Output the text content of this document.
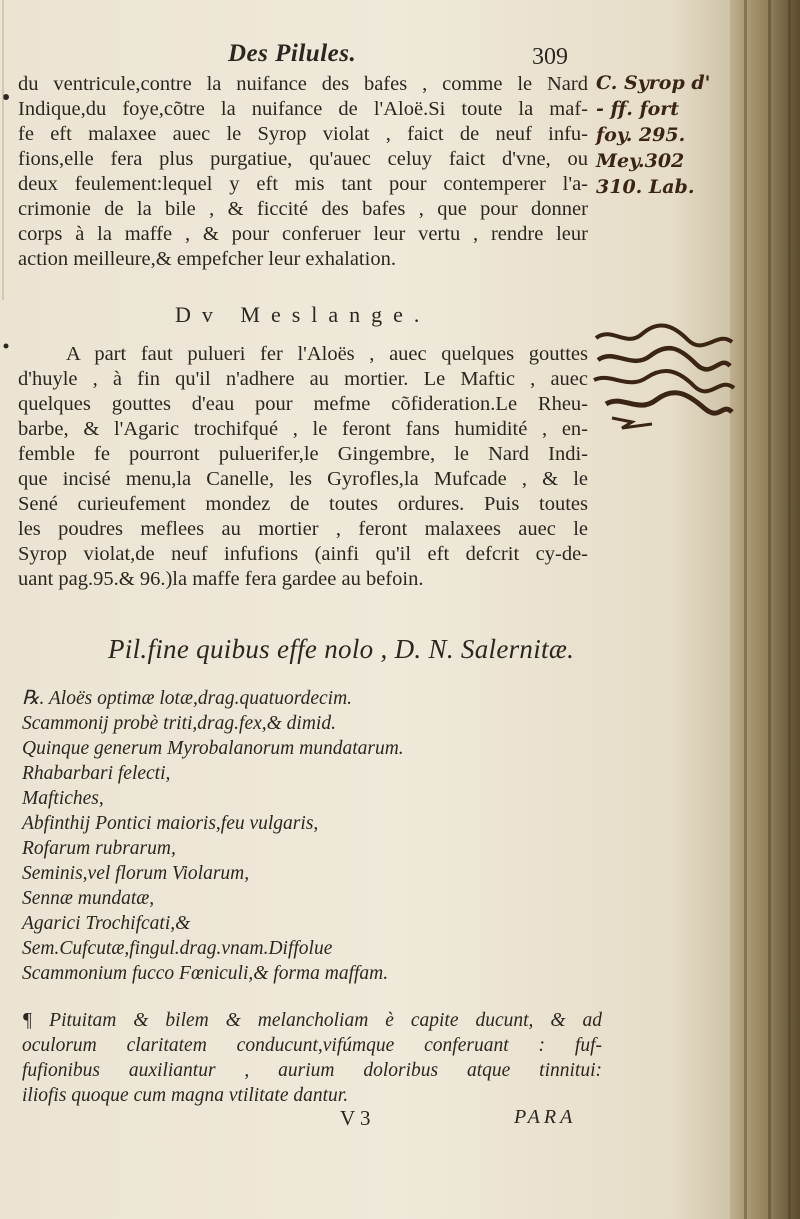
Des Pilules.	309
du ventricule,contre la nuifance des bafes , comme le Nard
Indique,du foye,cõtre la nuifance de l'Aloë.Si toute la maf-
fe eft malaxee auec le Syrop violat , faict de neuf infu-
fions,elle fera plus purgatiue, qu'auec celuy faict d'vne, ou
deux feulement:lequel y eft mis tant pour contemperer l'a-
crimonie de la bile , & ficcité des bafes , que pour donner
corps à la maffe , & pour conferuer leur vertu , rendre leur
action meilleure,& empefcher leur exhalation.
Dv Meslange.
A part faut pulueri fer l'Aloës , auec quelques gouttes
d'huyle , à fin qu'il n'adhere au mortier. Le Maftic , auec
quelques gouttes d'eau pour mefme cõfideration.Le Rheu-
barbe, & l'Agaric trochifqué , le feront fans humidité , en-
femble fe pourront puluerifer,le Gingembre, le Nard Indi-
que incisé menu,la Canelle, les Gyrofles,la Mufcade , & le
Sené curieufement mondez de toutes ordures. Puis toutes
les poudres meflees au mortier , feront malaxees auec le
Syrop violat,de neuf infufions (ainfi qu'il eft defcrit cy-de-
uant pag.95.& 96.)la maffe fera gardee au befoin.
Pil.fine quibus effe nolo , D. N. Salernitæ.
℞. Aloës optimæ lotæ,drag.quatuordecim.
Scammonij probè triti,drag.fex,& dimid.
Quinque generum Myrobalanorum mundatarum.
Rhabarbari felecti,
Maftiches,
Abfinthij Pontici maioris,feu vulgaris,
Rofarum rubrarum,
Seminis,vel florum Violarum,
Sennæ mundatæ,
Agarici Trochifcati,&
Sem.Cufcutæ,fingul.drag.vnam.Diffolue
Scammonium fucco Fœniculi,& forma maffam.
¶ Pituitam & bilem & melancholiam è capite ducunt, & ad
oculorum claritatem conducunt,vifúmque conferuant : fuf-
fufionibus auxiliantur , aurium doloribus atque tinnitui:
iliofis quoque cum magna vtilitate dantur.
V 3	PARA
C. Syrop d'
- ff. fort
foy. 295.
Mey.302
310. Lab.
